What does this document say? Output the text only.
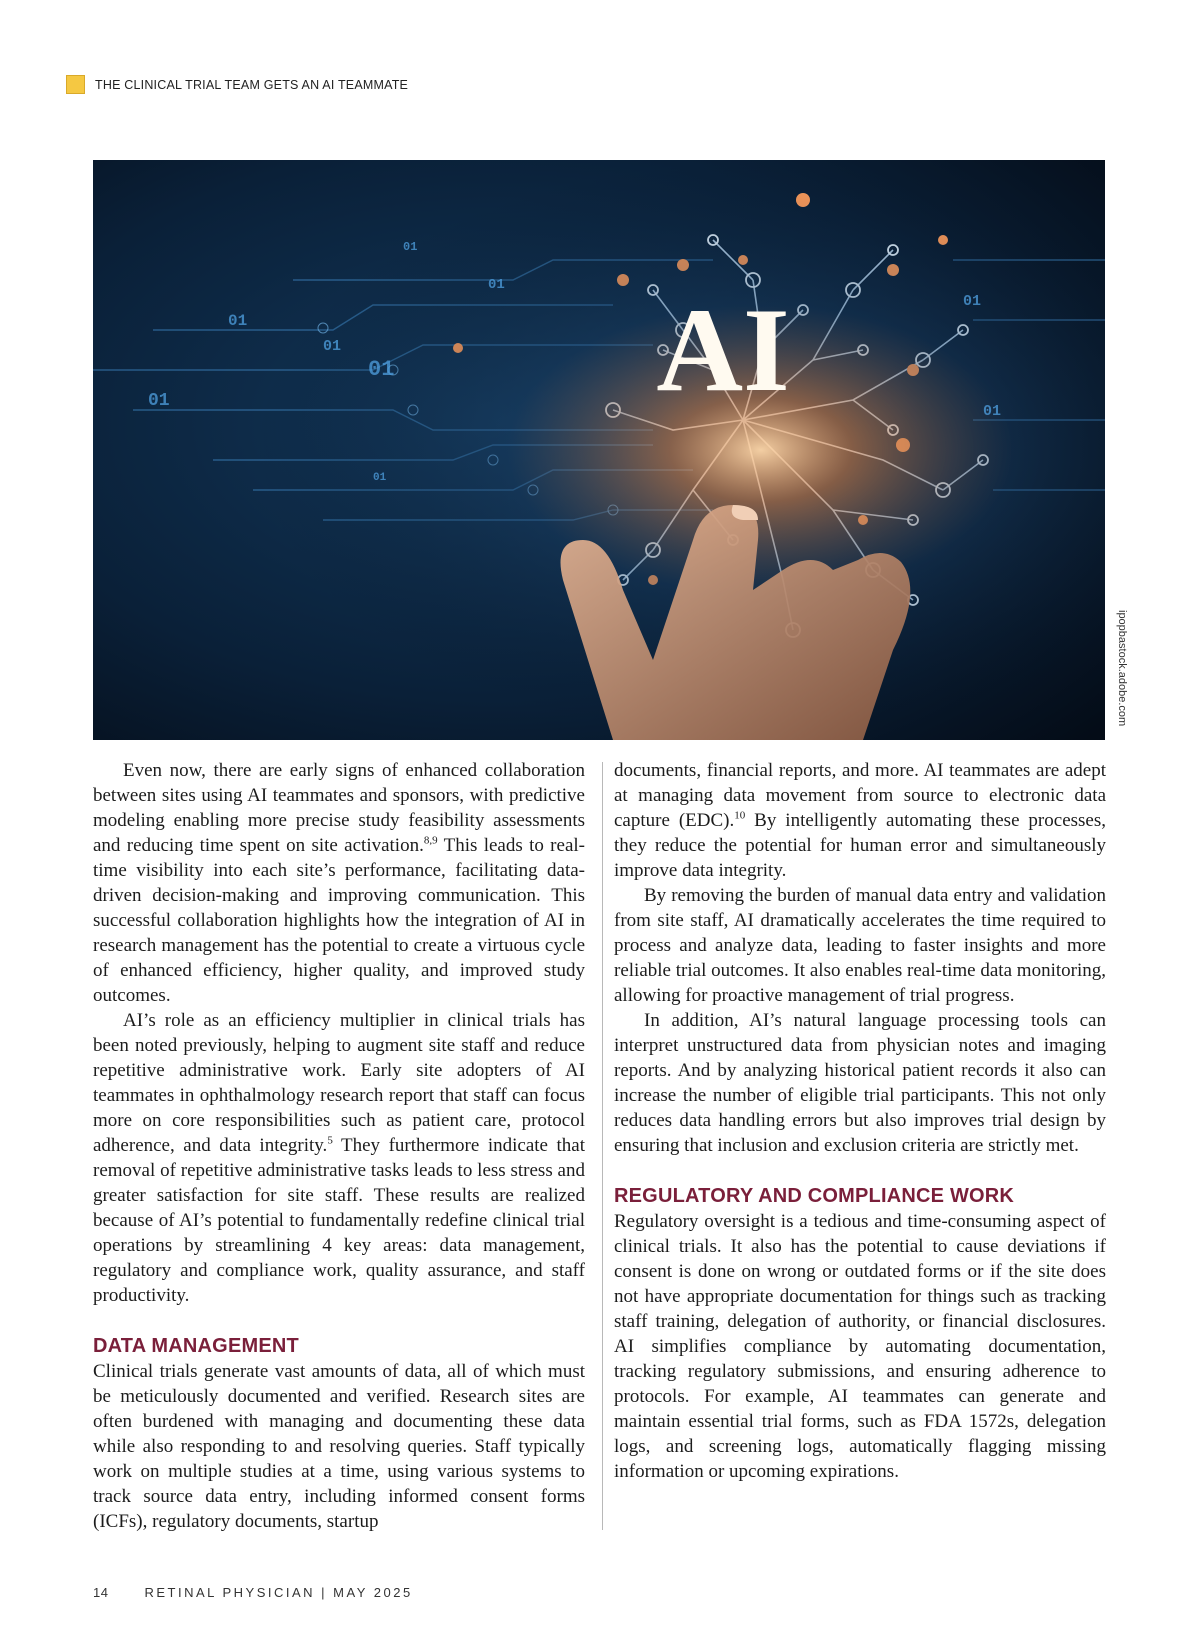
THE CLINICAL TRIAL TEAM GETS AN AI TEAMMATE
AI
01
01
01
01
01
01
01
01
01
ipopbastock.adobe.com

Even now, there are early signs of enhanced collaboration between sites using AI teammates and sponsors, with predictive modeling enabling more precise study feasibility assessments and reducing time spent on site activation.$^{8,9}$ This leads to real-time visibility into each site’s performance, facilitating data-driven decision-making and improving communication. This successful collaboration highlights how the integration of AI in research management has the potential to create a virtuous cycle of enhanced efficiency, higher quality, and improved study outcomes.

AI’s role as an efficiency multiplier in clinical trials has been noted previously, helping to augment site staff and reduce repetitive administrative work. Early site adopters of AI teammates in ophthalmology research report that staff can focus more on core responsibilities such as patient care, protocol adherence, and data integrity.$^5$ They furthermore indicate that removal of repetitive administrative tasks leads to less stress and greater satisfaction for site staff. These results are realized because of AI’s potential to fundamentally redefine clinical trial operations by streamlining 4 key areas: data management, regulatory and compliance work, quality assurance, and staff productivity.

DATA MANAGEMENT

Clinical trials generate vast amounts of data, all of which must be meticulously documented and verified. Research sites are often burdened with managing and documenting these data while also responding to and resolving queries. Staff typically work on multiple studies at a time, using various systems to track source data entry, including informed consent forms (ICFs), regulatory documents, startup

documents, financial reports, and more. AI teammates are adept at managing data movement from source to electronic data capture (EDC).$^{10}$ By intelligently automating these processes, they reduce the potential for human error and simultaneously improve data integrity.

By removing the burden of manual data entry and validation from site staff, AI dramatically accelerates the time required to process and analyze data, leading to faster insights and more reliable trial outcomes. It also enables real-time data monitoring, allowing for proactive management of trial progress.

In addition, AI’s natural language processing tools can interpret unstructured data from physician notes and imaging reports. And by analyzing historical patient records it also can increase the number of eligible trial participants. This not only reduces data handling errors but also improves trial design by ensuring that inclusion and exclusion criteria are strictly met.

REGULATORY AND COMPLIANCE WORK

Regulatory oversight is a tedious and time-consuming aspect of clinical trials. It also has the potential to cause deviations if consent is done on wrong or outdated forms or if the site does not have appropriate documentation for things such as tracking staff training, delegation of authority, or financial disclosures. AI simplifies compliance by automating documentation, tracking regulatory submissions, and ensuring adherence to protocols. For example, AI teammates can generate and maintain essential trial forms, such as FDA 1572s, delegation logs, and screening logs, automatically flagging missing information or upcoming expirations.

14	RETINAL PHYSICIAN | MAY 2025
